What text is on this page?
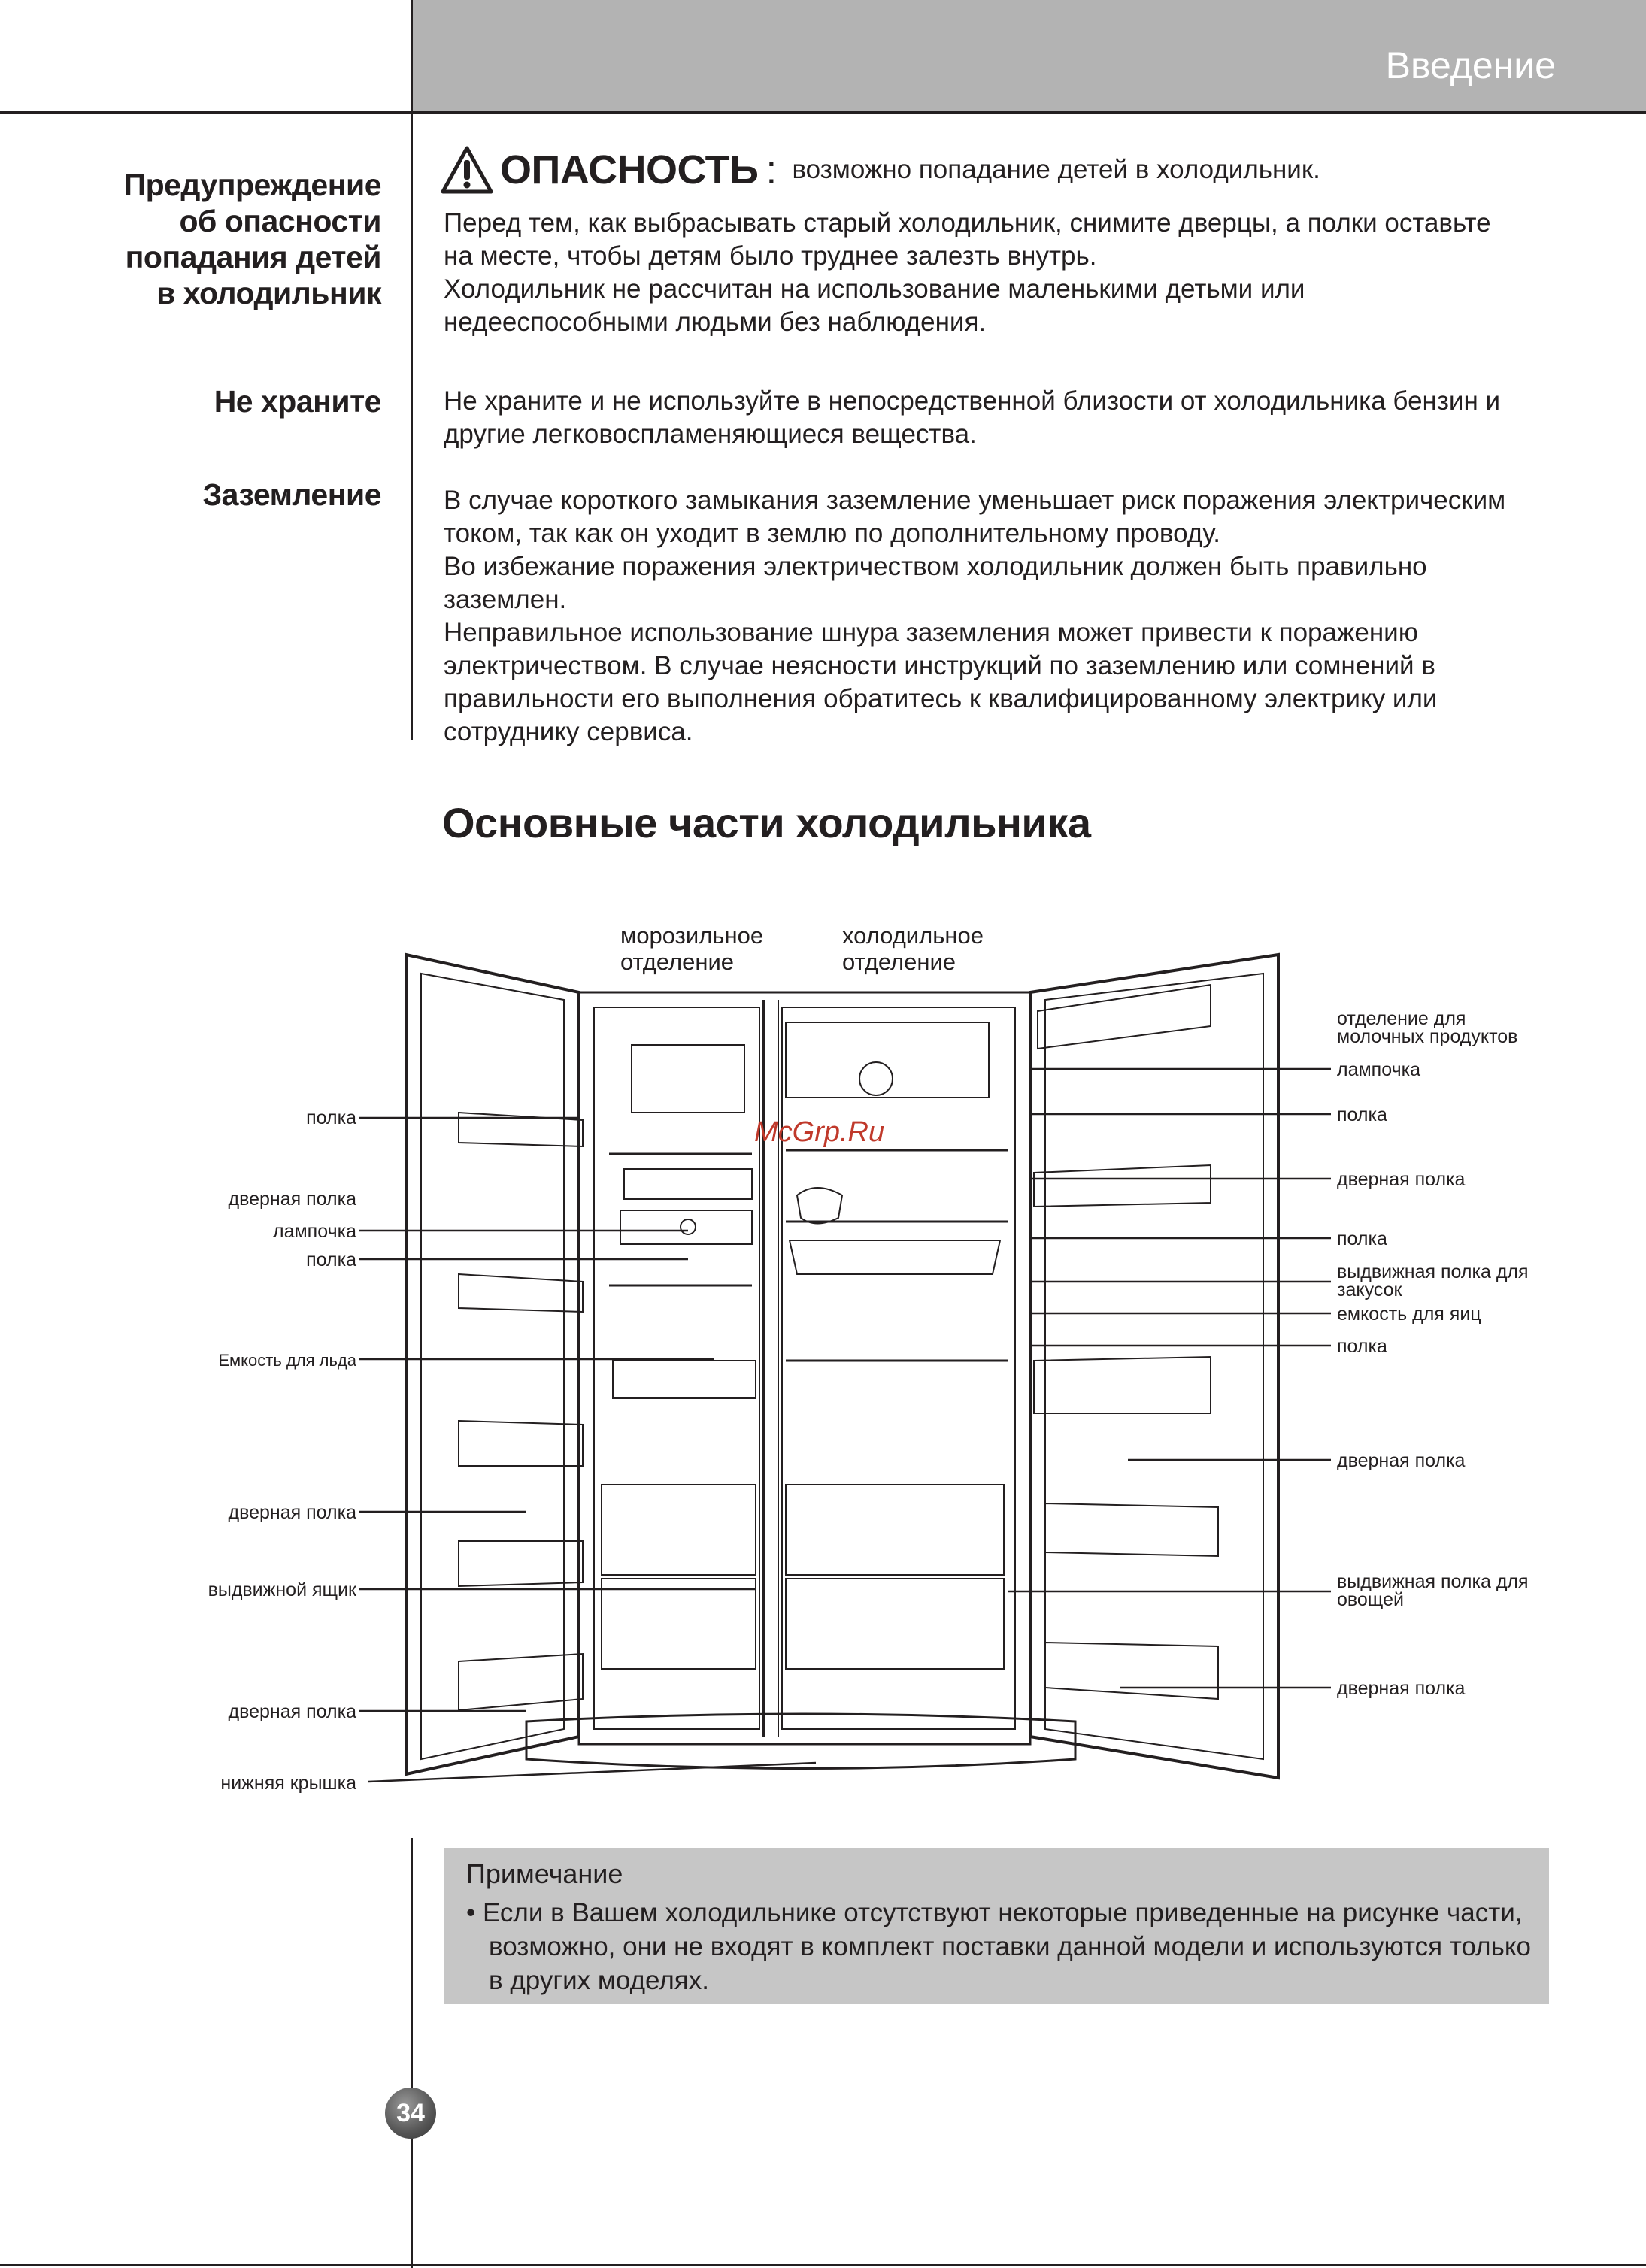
Введение
Предупреждение
об опасности
попадания детей
в холодильник
ОПАСНОСТЬ : возможно попадание детей в холодильник.

Перед тем, как выбрасывать старый холодильник, снимите дверцы, а полки оставьте на месте, чтобы детям было труднее залезть внутрь.

Холодильник не рассчитан на использование маленькими детьми или недееспособными людьми без наблюдения.

Не храните Не храните и не используйте в непосредственной близости от холодильника бензин и другие легковоспламеняющиеся вещества.

Заземление В случае короткого замыкания заземление уменьшает риск поражения электрическим током, так как он уходит в землю по дополнительному проводу.

Во избежание поражения электричеством холодильник должен быть правильно заземлен.

Неправильное использование шнура заземления может привести к поражению электричеством. В случае неясности инструкций по заземлению или сомнений в правильности его выполнения обратитесь к квалифицированному электрику или сотруднику сервиса.

Основные части холодильника
McGrp.Ru
морозильное
отделение
холодильное
отделение
полка
дверная полка
лампочка
полка
Емкость для льда
дверная полка
выдвижной ящик
дверная полка
нижняя крышка
отделение для
молочных продуктов
лампочка
полка
дверная полка
полка
выдвижная полка для
закусок
емкость для яиц
полка
дверная полка
выдвижная полка для
овощей
дверная полка
Примечание
• Если в Вашем холодильнике отсутствуют некоторые приведенные на рисунке части, возможно, они не входят в комплект поставки данной модели и используются только в других моделях.
34
